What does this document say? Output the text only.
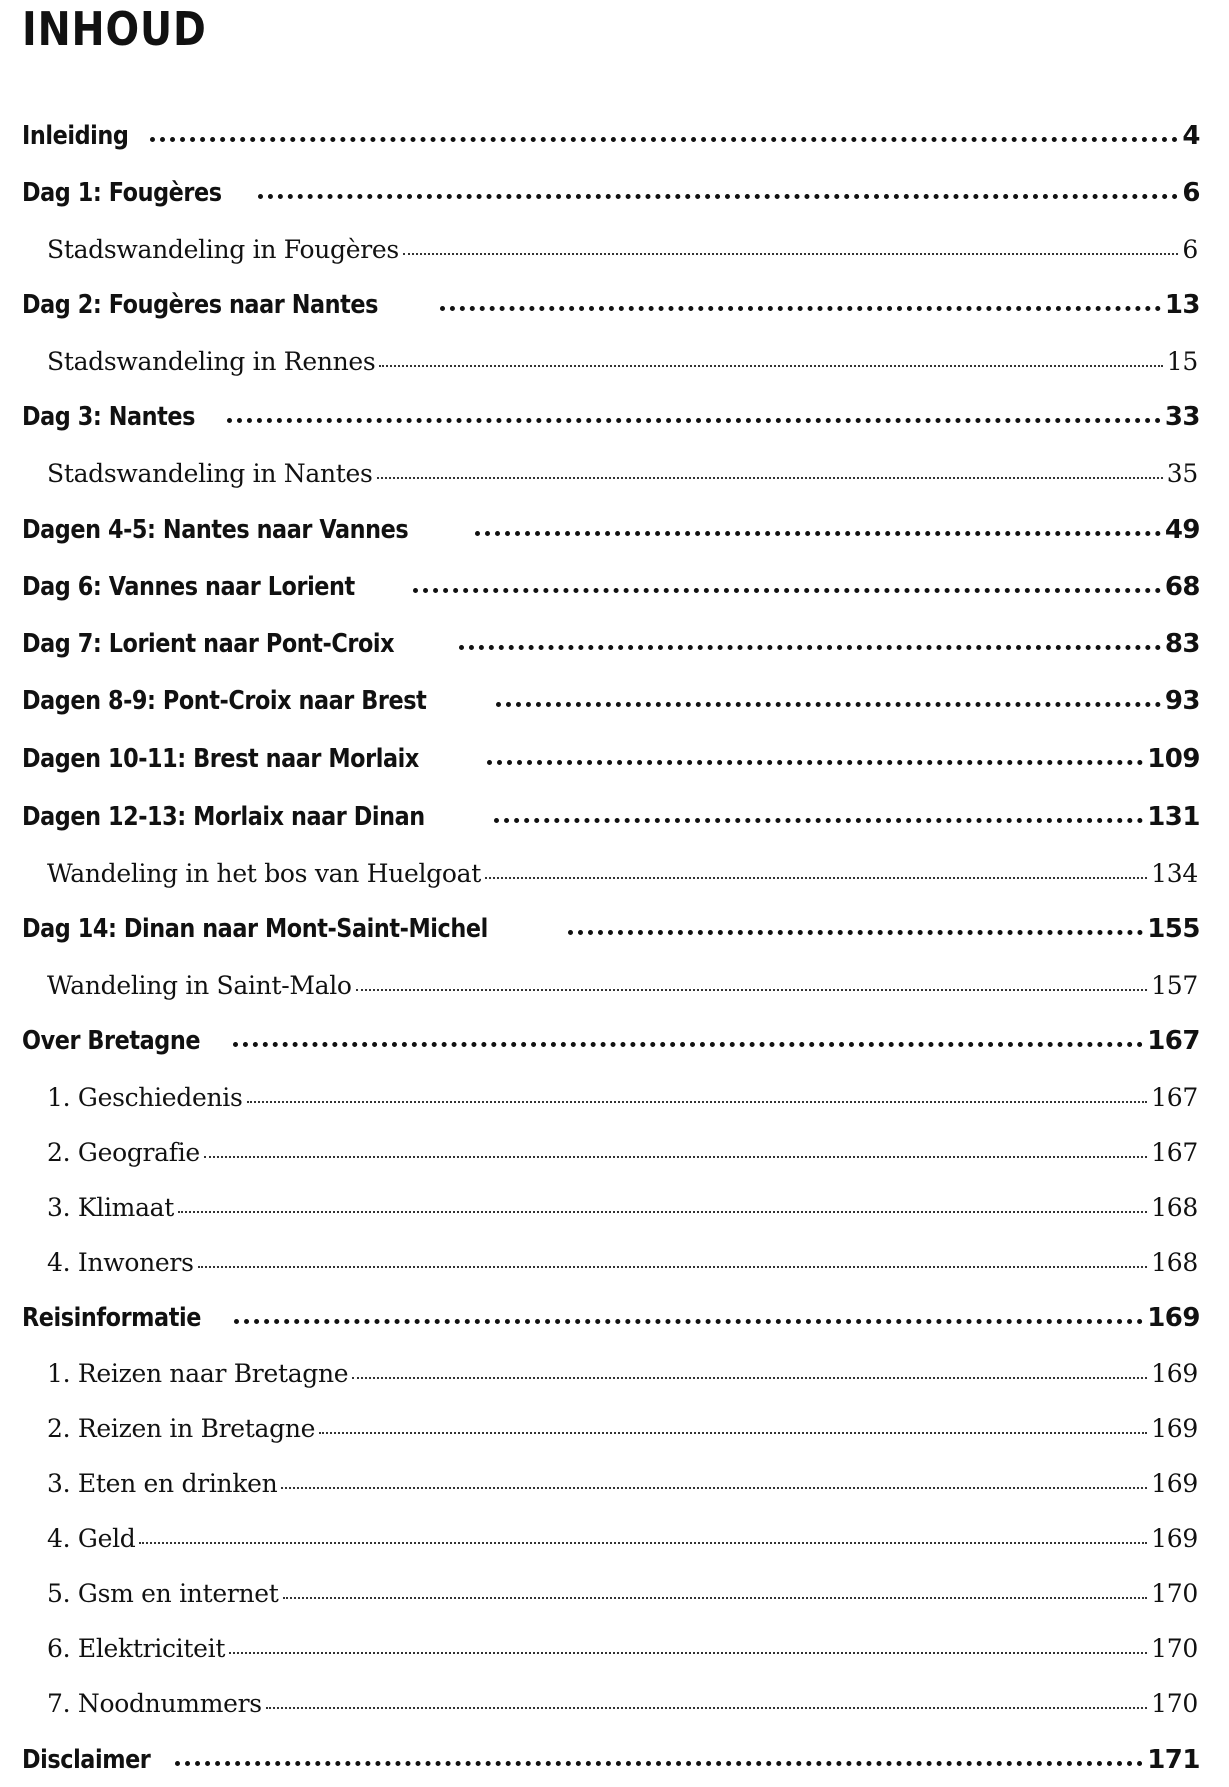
INHOUD
Inleiding	4
Dag 1: Fougères	6
Stadswandeling in Fougères	6
Dag 2: Fougères naar Nantes	13
Stadswandeling in Rennes	15
Dag 3: Nantes	33
Stadswandeling in Nantes	35
Dagen 4-5: Nantes naar Vannes	49
Dag 6: Vannes naar Lorient	68
Dag 7: Lorient naar Pont-Croix	83
Dagen 8-9: Pont-Croix naar Brest	93
Dagen 10-11: Brest naar Morlaix	109
Dagen 12-13: Morlaix naar Dinan	131
Wandeling in het bos van Huelgoat	134
Dag 14: Dinan naar Mont-Saint-Michel	155
Wandeling in Saint-Malo	157
Over Bretagne	167
1. Geschiedenis	167
2. Geografie	167
3. Klimaat	168
4. Inwoners	168
Reisinformatie	169
1. Reizen naar Bretagne	169
2. Reizen in Bretagne	169
3. Eten en drinken	169
4. Geld	169
5. Gsm en internet	170
6. Elektriciteit	170
7. Noodnummers	170
Disclaimer	171
